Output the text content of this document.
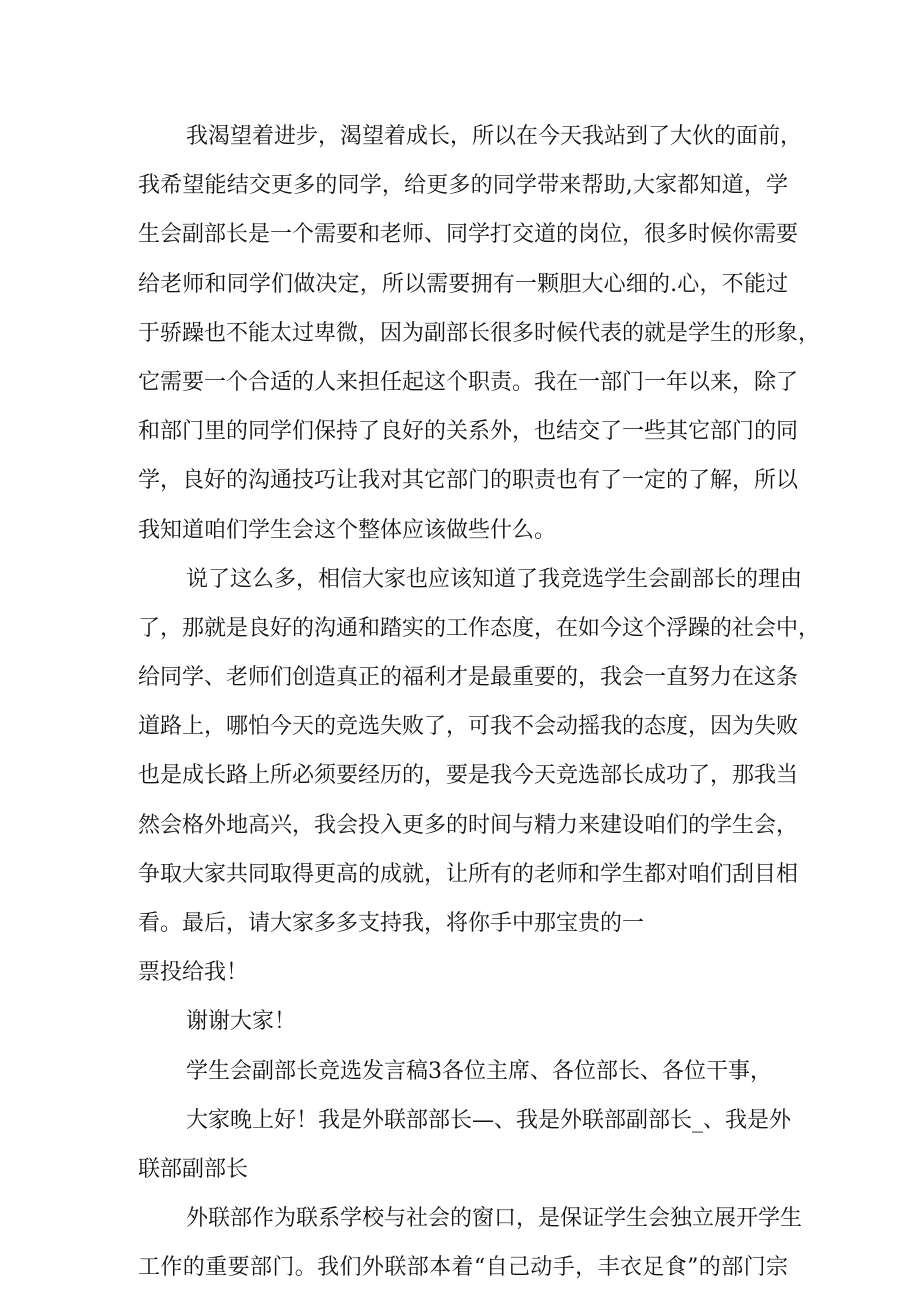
我渴望着进步，渴望着成长，所以在今天我站到了大伙的面前，
我希望能结交更多的同学，给更多的同学带来帮助,大家都知道，学
生会副部长是一个需要和老师、同学打交道的岗位，很多时候你需要
给老师和同学们做决定，所以需要拥有一颗胆大心细的.心，不能过
于骄躁也不能太过卑微，因为副部长很多时候代表的就是学生的形象，
它需要一个合适的人来担任起这个职责。我在一部门一年以来，除了
和部门里的同学们保持了良好的关系外，也结交了一些其它部门的同
学，良好的沟通技巧让我对其它部门的职责也有了一定的了解，所以
我知道咱们学生会这个整体应该做些什么。
说了这么多，相信大家也应该知道了我竞选学生会副部长的理由
了，那就是良好的沟通和踏实的工作态度，在如今这个浮躁的社会中，
给同学、老师们创造真正的福利才是最重要的，我会一直努力在这条
道路上，哪怕今天的竞选失败了，可我不会动摇我的态度，因为失败
也是成长路上所必须要经历的，要是我今天竞选部长成功了，那我当
然会格外地高兴，我会投入更多的时间与精力来建设咱们的学生会，
争取大家共同取得更高的成就，让所有的老师和学生都对咱们刮目相
看。最后，请大家多多支持我，将你手中那宝贵的一
票投给我！
谢谢大家！
学生会副部长竞选发言稿3各位主席、各位部长、各位干事，
大家晚上好！我是外联部部长—、我是外联部副部长_、我是外
联部副部长
外联部作为联系学校与社会的窗口，是保证学生会独立展开学生
工作的重要部门。我们外联部本着“自己动手，丰衣足食”的部门宗
